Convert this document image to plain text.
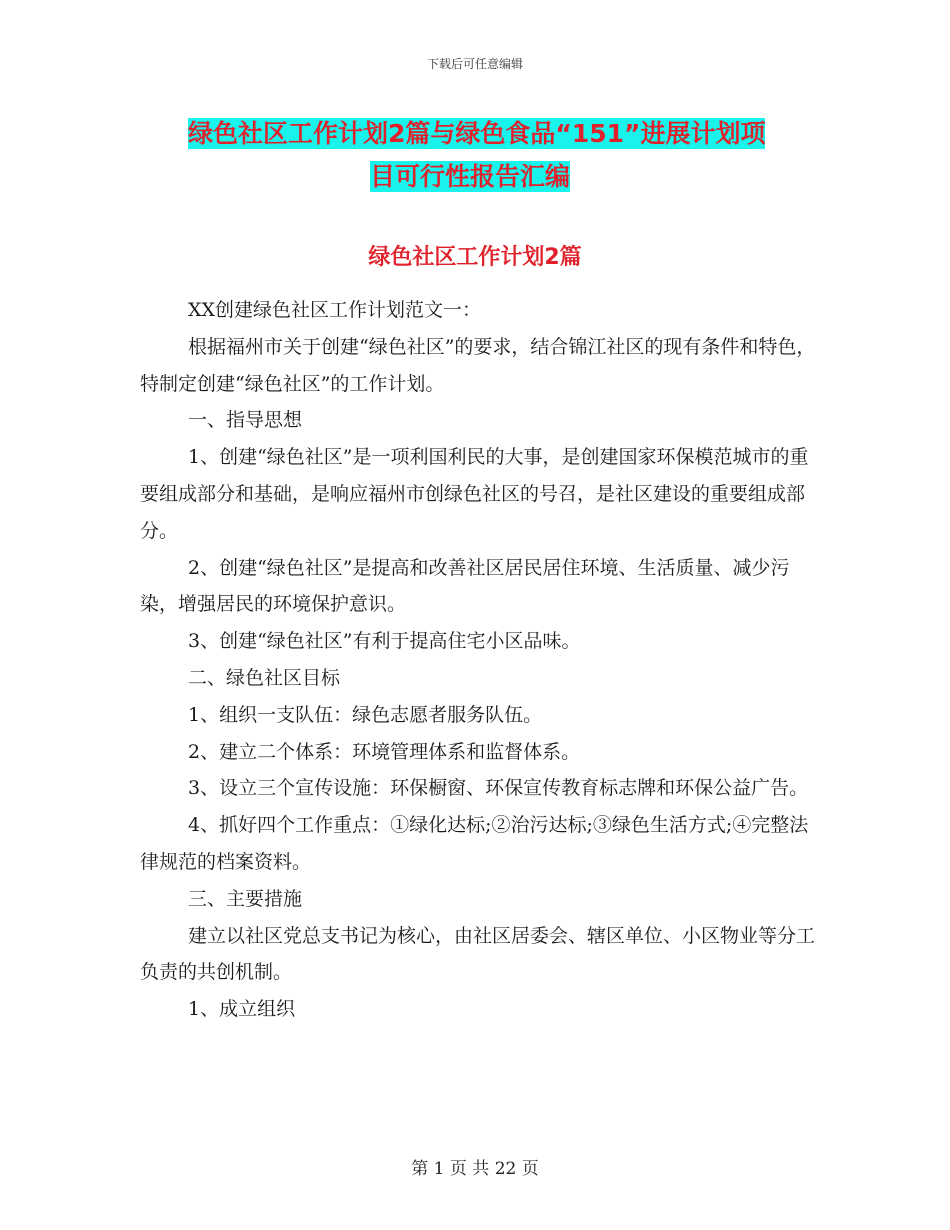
下载后可任意编辑
绿色社区工作计划2篇与绿色食品“151”进展计划项
目可行性报告汇编
绿色社区工作计划2篇

XX创建绿色社区工作计划范文一：

根据福州市关于创建“绿色社区”的要求，结合锦江社区的现有条件和特色，特制定创建“绿色社区”的工作计划。

一、指导思想

1、创建“绿色社区”是一项利国利民的大事，是创建国家环保模范城市的重要组成部分和基础，是响应福州市创绿色社区的号召，是社区建设的重要组成部分。

2、创建“绿色社区”是提高和改善社区居民居住环境、生活质量、减少污染，增强居民的环境保护意识。

3、创建“绿色社区”有利于提高住宅小区品味。

二、绿色社区目标

1、组织一支队伍：绿色志愿者服务队伍。

2、建立二个体系：环境管理体系和监督体系。

3、设立三个宣传设施：环保橱窗、环保宣传教育标志牌和环保公益广告。

4、抓好四个工作重点：①绿化达标;②治污达标;③绿色生活方式;④完整法律规范的档案资料。

三、主要措施

建立以社区党总支书记为核心，由社区居委会、辖区单位、小区物业等分工负责的共创机制。

1、成立组织

第 1 页 共 22 页
